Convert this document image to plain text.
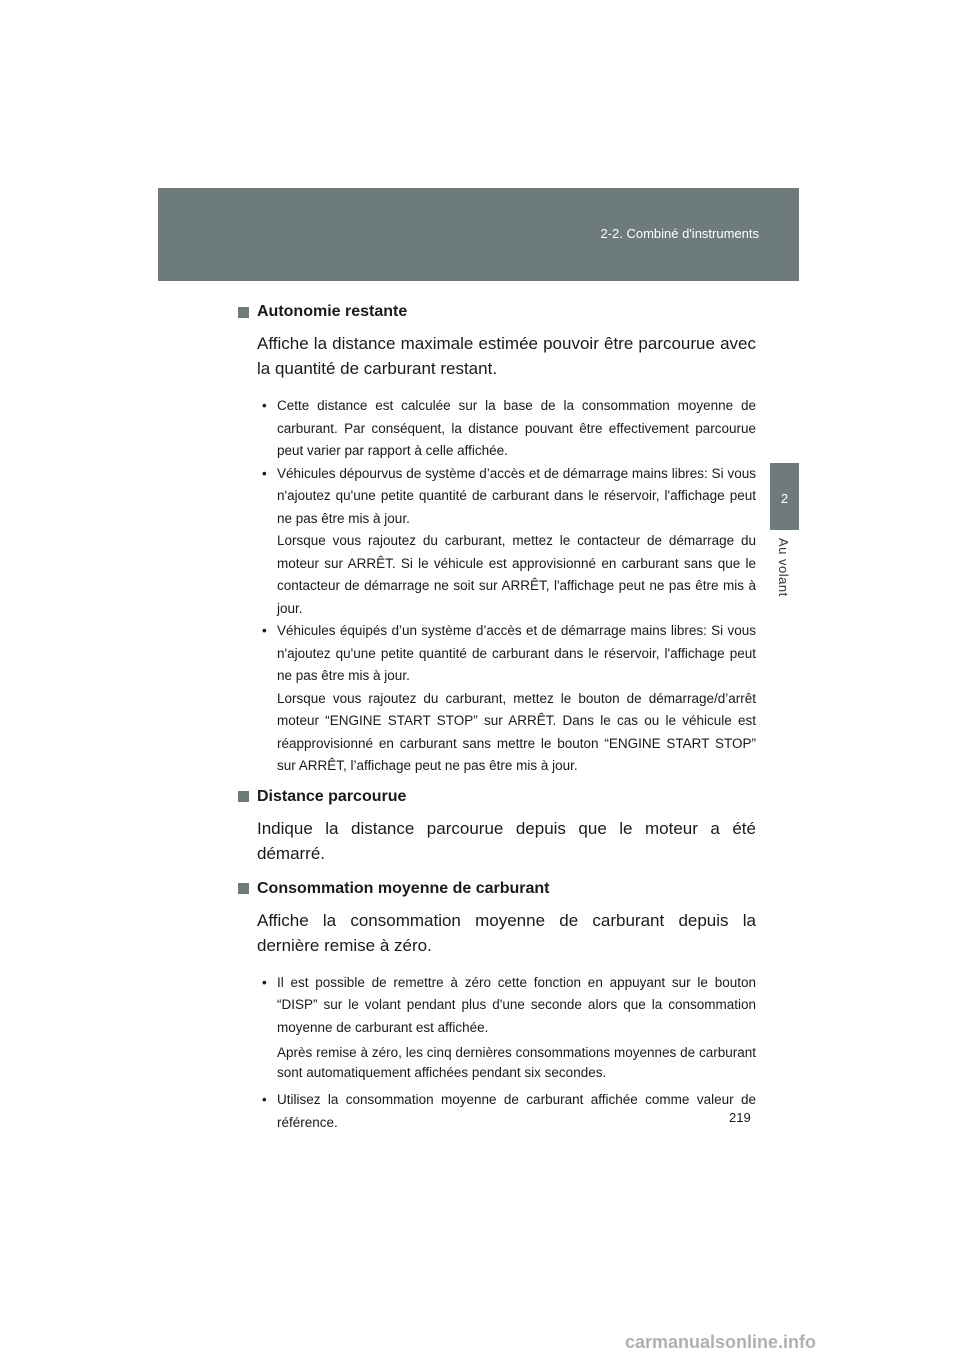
2-2. Combiné d'instruments
2
Au volant
Autonomie restante

Affiche la distance maximale estimée pouvoir être parcourue avec la quantité de carburant restant.

• Cette distance est calculée sur la base de la consommation moyenne de carburant. Par conséquent, la distance pouvant être effectivement parcourue peut varier par rapport à celle affichée.

• Véhicules dépourvus de système d’accès et de démarrage mains libres: Si vous n'ajoutez qu'une petite quantité de carburant dans le réservoir, l'affichage peut ne pas être mis à jour.

Lorsque vous rajoutez du carburant, mettez le contacteur de démarrage du moteur sur ARRÊT. Si le véhicule est approvisionné en carburant sans que le contacteur de démarrage ne soit sur ARRÊT, l'affichage peut ne pas être mis à jour.

• Véhicules équipés d’un système d’accès et de démarrage mains libres: Si vous n'ajoutez qu'une petite quantité de carburant dans le réservoir, l'affichage peut ne pas être mis à jour.

Lorsque vous rajoutez du carburant, mettez le bouton de démarrage/d’arrêt moteur “ENGINE START STOP” sur ARRÊT. Dans le cas ou le véhicule est réapprovisionné en carburant sans mettre le bouton “ENGINE START STOP” sur ARRÊT, l’affichage peut ne pas être mis à jour.

Distance parcourue

Indique la distance parcourue depuis que le moteur a été démarré.

Consommation moyenne de carburant

Affiche la consommation moyenne de carburant depuis la dernière remise à zéro.

• Il est possible de remettre à zéro cette fonction en appuyant sur le bouton “DISP” sur le volant pendant plus d'une seconde alors que la consommation moyenne de carburant est affichée.

Après remise à zéro, les cinq dernières consommations moyennes de carburant sont automatiquement affichées pendant six secondes.

• Utilisez la consommation moyenne de carburant affichée comme valeur de référence.	219
carmanualsonline.info
